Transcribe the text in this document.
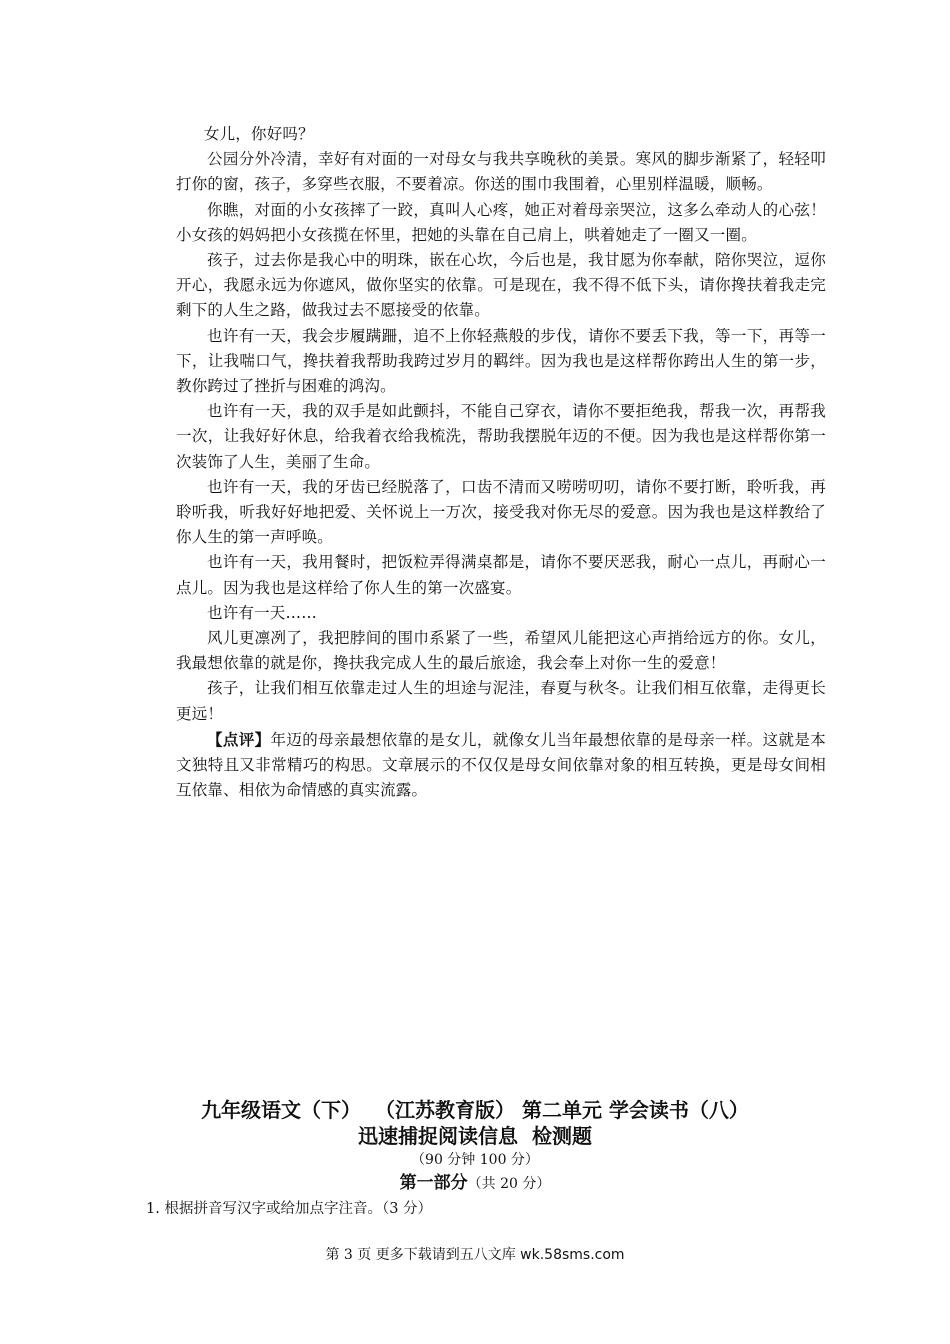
女儿，你好吗？

公园分外冷清，幸好有对面的一对母女与我共享晚秋的美景。寒风的脚步渐紧了，轻轻叩打你的窗，孩子，多穿些衣服，不要着凉。你送的围巾我围着，心里别样温暖，顺畅。

你瞧，对面的小女孩摔了一跤，真叫人心疼，她正对着母亲哭泣，这多么牵动人的心弦！小女孩的妈妈把小女孩揽在怀里，把她的头靠在自己肩上，哄着她走了一圈又一圈。

孩子，过去你是我心中的明珠，嵌在心坎，今后也是，我甘愿为你奉献，陪你哭泣，逗你开心，我愿永远为你遮风，做你坚实的依靠。可是现在，我不得不低下头，请你搀扶着我走完剩下的人生之路，做我过去不愿接受的依靠。

也许有一天，我会步履蹒跚，追不上你轻燕般的步伐，请你不要丢下我，等一下，再等一下，让我喘口气，搀扶着我帮助我跨过岁月的羁绊。因为我也是这样帮你跨出人生的第一步，教你跨过了挫折与困难的鸿沟。

也许有一天，我的双手是如此颤抖，不能自己穿衣，请你不要拒绝我，帮我一次，再帮我一次，让我好好休息，给我着衣给我梳洗，帮助我摆脱年迈的不便。因为我也是这样帮你第一次装饰了人生，美丽了生命。

也许有一天，我的牙齿已经脱落了，口齿不清而又唠唠叨叨，请你不要打断，聆听我，再聆听我，听我好好地把爱、关怀说上一万次，接受我对你无尽的爱意。因为我也是这样教给了你人生的第一声呼唤。

也许有一天，我用餐时，把饭粒弄得满桌都是，请你不要厌恶我，耐心一点儿，再耐心一点儿。因为我也是这样给了你人生的第一次盛宴。

也许有一天……

风儿更凛冽了，我把脖间的围巾系紧了一些，希望风儿能把这心声捎给远方的你。女儿，我最想依靠的就是你，搀扶我完成人生的最后旅途，我会奉上对你一生的爱意！

孩子，让我们相互依靠走过人生的坦途与泥洼，春夏与秋冬。让我们相互依靠，走得更长更远！

【点评】年迈的母亲最想依靠的是女儿，就像女儿当年最想依靠的是母亲一样。这就是本文独特且又非常精巧的构思。文章展示的不仅仅是母女间依靠对象的相互转换，更是母女间相互依靠、相依为命情感的真实流露。

九年级语文（下）  （江苏教育版） 第二单元 学会读书（八）
迅速捕捉阅读信息  检测题
（90 分钟 100 分）
第一部分（共 20 分）
1. 根据拼音写汉字或给加点字注音。（3 分）
第 3 页 更多下载请到五八文库 wk.58sms.com
